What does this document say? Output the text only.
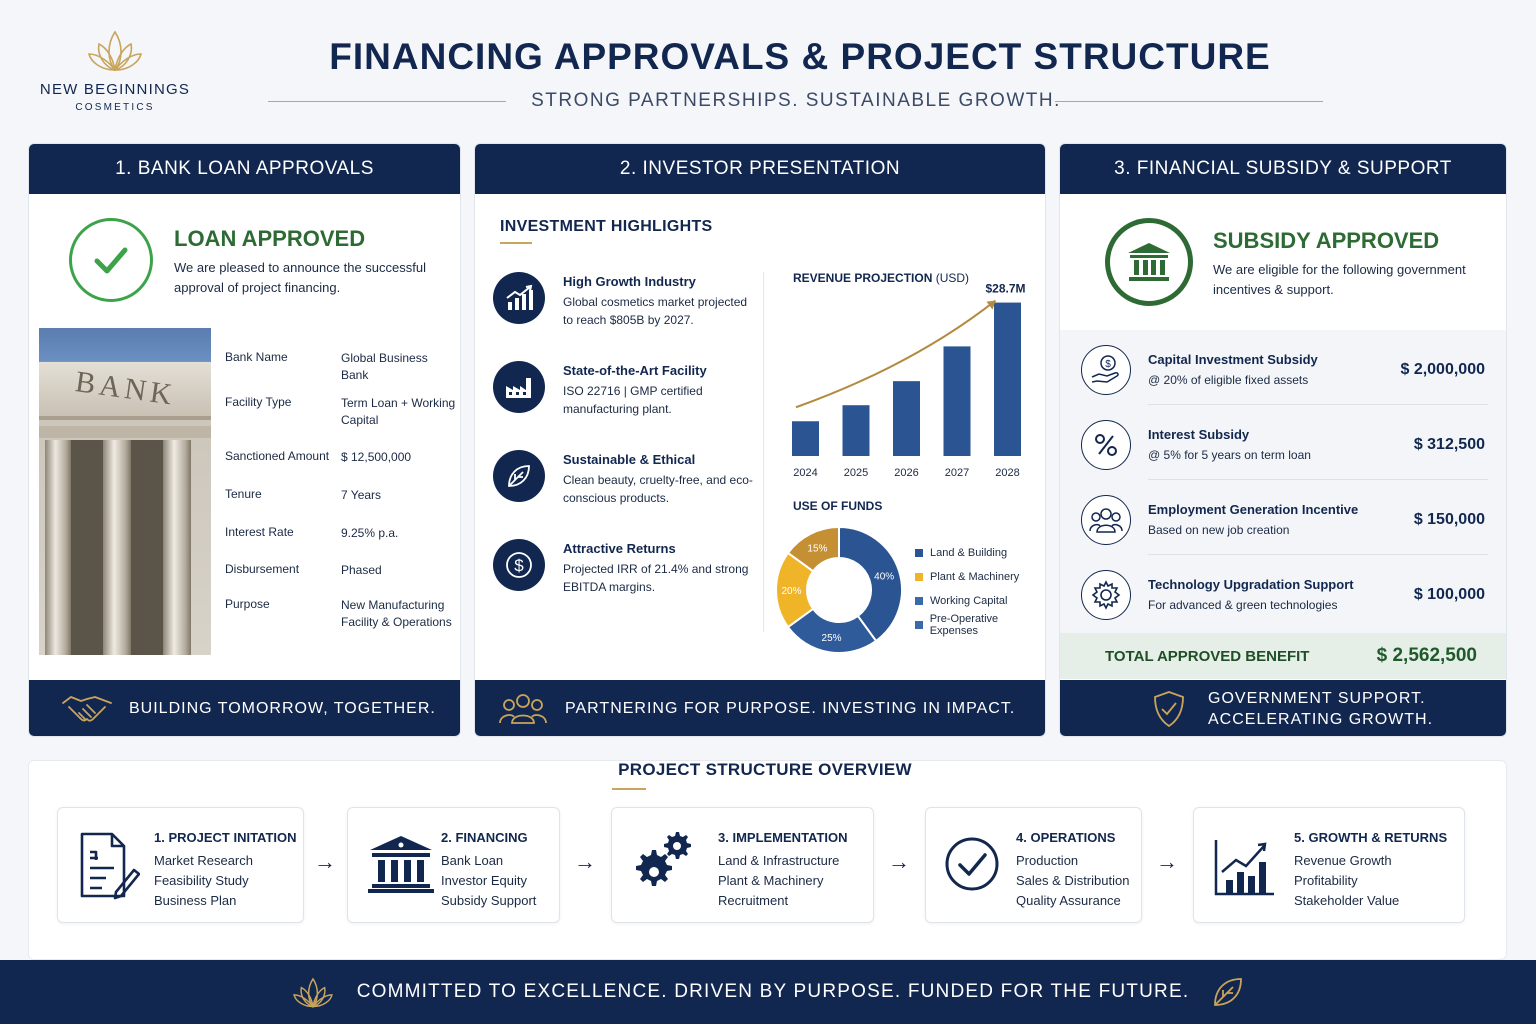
NEW BEGINNINGS
COSMETICS
FINANCING APPROVALS & PROJECT STRUCTURE
STRONG PARTNERSHIPS. SUSTAINABLE GROWTH.
1. BANK LOAN APPROVALS
LOAN APPROVED
We are pleased to announce the successful approval of project financing.
BANK
Bank Name	Global Business Bank
Facility Type	Term Loan + Working Capital
Sanctioned Amount $ 12,500,000
Tenure	7 Years
Interest Rate	9.25% p.a.
Disbursement	Phased
Purpose	New Manufacturing Facility & Operations
BUILDING TOMORROW, TOGETHER.
2. INVESTOR PRESENTATION
INVESTMENT HIGHLIGHTS
High Growth Industry
Global cosmetics market projected to reach $805B by 2027.
State-of-the-Art Facility
ISO 22716 | GMP certified manufacturing plant.
Sustainable & Ethical
Clean beauty, cruelty-free, and eco-conscious products.
$
Attractive Returns
Projected IRR of 21.4% and strong EBITDA margins.
REVENUE PROJECTION (USD)
2024 2025 2026 2027 2028
$28.7M
USE OF FUNDS
40%
25%
20%
15%	Land & Building
Plant & Machinery
Working Capital
Pre-Operative Expenses
PARTNERING FOR PURPOSE. INVESTING IN IMPACT.
3. FINANCIAL SUBSIDY & SUPPORT
SUBSIDY APPROVED
We are eligible for the following government incentives & support.
$	Capital Investment Subsidy
@ 20% of eligible fixed assets
$ 2,000,000
Interest Subsidy
@ 5% for 5 years on term loan
$ 312,500
Employment Generation Incentive
Based on new job creation
$ 150,000
Technology Upgradation Support
For advanced & green technologies
$ 100,000
TOTAL APPROVED BENEFIT	$ 2,562,500
GOVERNMENT SUPPORT.
ACCELERATING GROWTH.
PROJECT STRUCTURE OVERVIEW
1. PROJECT INITATION
Market Research
Feasibility Study
Business Plan
→
2. FINANCING
Bank Loan
Investor Equity
Subsidy Support
→
3. IMPLEMENTATION
Land & Infrastructure
Plant & Machinery
Recruitment
→
4. OPERATIONS
Production
Sales & Distribution
Quality Assurance
→
5. GROWTH & RETURNS
Revenue Growth
Profitability
Stakeholder Value
COMMITTED TO EXCELLENCE. DRIVEN BY PURPOSE. FUNDED FOR THE FUTURE.
